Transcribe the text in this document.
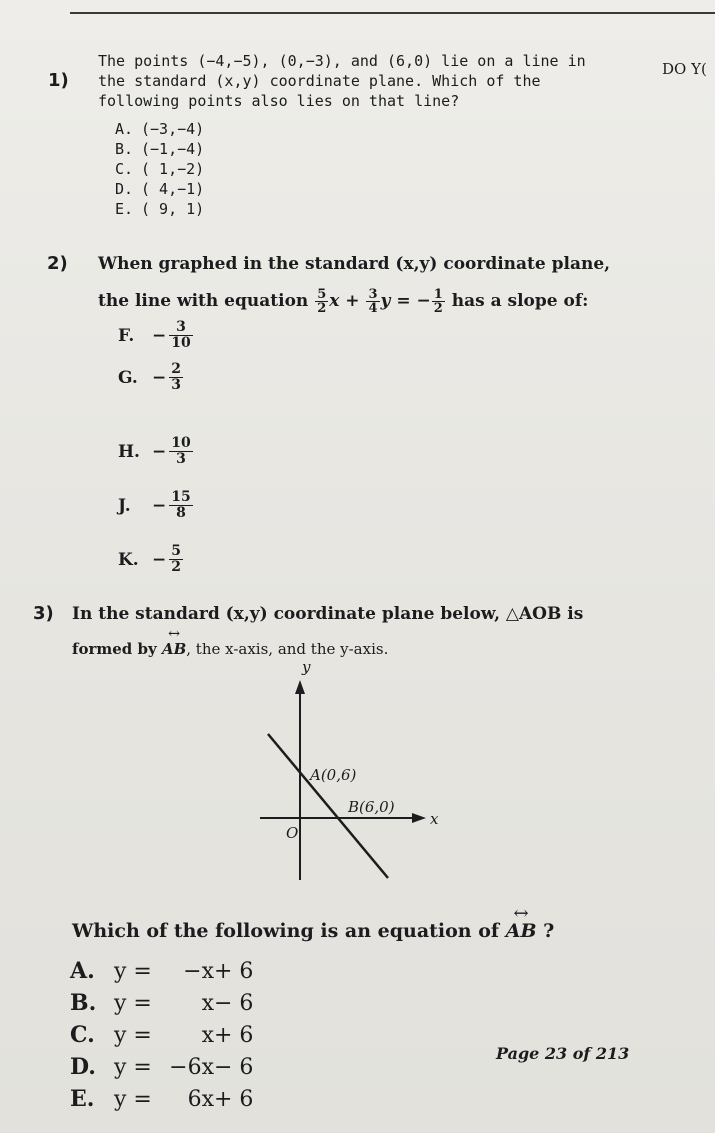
DO Y(
1)
The points (−4,−5), (0,−3), and (6,0) lie on a line in
the standard (x,y) coordinate plane. Which of the
following points also lies on that line?
A. (−3,−4)
B. (−1,−4)
C. ( 1,−2)
D. ( 4,−1)
E. ( 9, 1)
2) When graphed in the standard (x,y) coordinate plane,
the line with equation $\frac{5}{2}$ $x + \frac{3}{4}$ y = − $\frac{1}{2}$ has a slope of:
F. − $\frac{3}{10}$
G. − $\frac{2}{3}$
H. − $\frac{10}{3}$
J. − $\frac{15}{8}$
K. − $\frac{5}{2}$
3) In the standard (x,y) coordinate plane below, △AOB is
formed by ↔ AB, the x-axis, and the y-axis.
y
x
O
A(0,6)
B(6,0)
Which of the following is an equation of ↔ AB ?
A. y = −x+ 6
B. y = x− 6
C. y = x+ 6
D. y = −6x− 6
E. y = 6x+ 6
Page 23 of 213
